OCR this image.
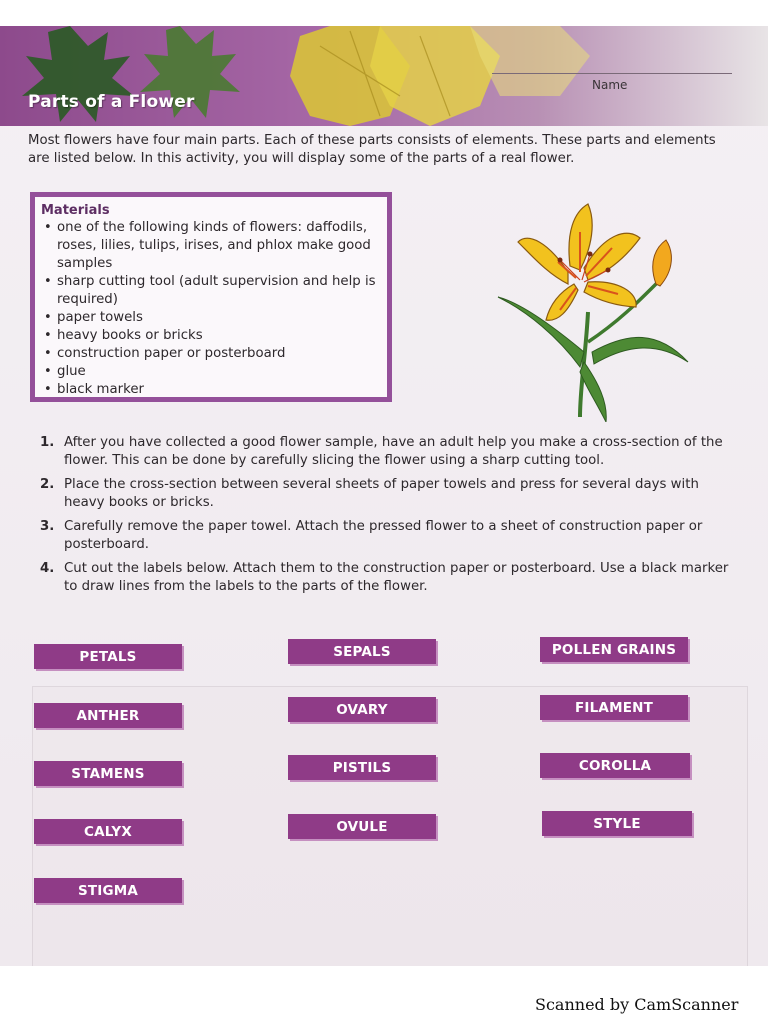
Parts of a Flower
Name
Most flowers have four main parts. Each of these parts consists of elements. These parts and elements are listed below. In this activity, you will display some of the parts of a real flower.
Materials
• one of the following kinds of flowers: daffodils, roses, lilies, tulips, irises, and phlox make good samples
• sharp cutting tool (adult supervision and help is required)
• paper towels
• heavy books or bricks
• construction paper or posterboard
• glue
• black marker
1. After you have collected a good flower sample, have an adult help you make a cross-section of the flower. This can be done by carefully slicing the flower using a sharp cutting tool.
2. Place the cross-section between several sheets of paper towels and press for several days with heavy books or bricks.
3. Carefully remove the paper towel. Attach the pressed flower to a sheet of construction paper or posterboard.
4. Cut out the labels below. Attach them to the construction paper or posterboard. Use a black marker to draw lines from the labels to the parts of the flower.
PETALS
ANTHER
STAMENS
CALYX
STIGMA
SEPALS
OVARY
PISTILS
OVULE
POLLEN GRAINS
FILAMENT
COROLLA
STYLE
Scanned by CamScanner
